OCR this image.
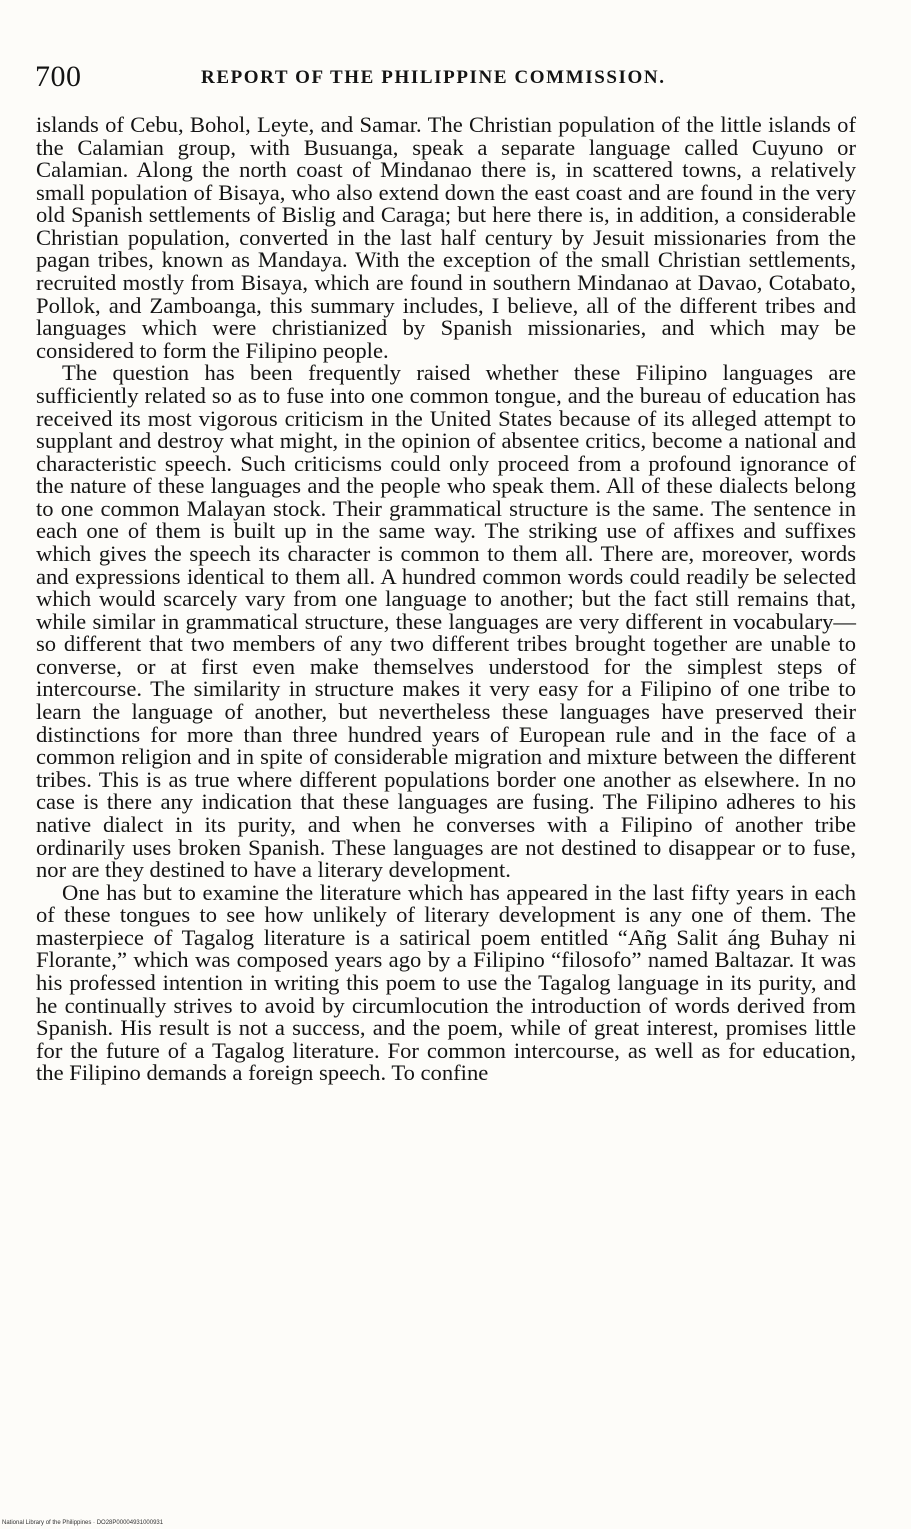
700	REPORT OF THE PHILIPPINE COMMISSION.

islands of Cebu, Bohol, Leyte, and Samar. The Christian population of the little islands of the Calamian group, with Busuanga, speak a separate language called Cuyuno or Calamian. Along the north coast of Mindanao there is, in scattered towns, a relatively small population of Bisaya, who also extend down the east coast and are found in the very old Spanish settlements of Bislig and Caraga; but here there is, in addition, a considerable Christian population, converted in the last half century by Jesuit missionaries from the pagan tribes, known as Mandaya. With the exception of the small Christian settlements, recruited mostly from Bisaya, which are found in southern Mindanao at Davao, Cotabato, Pollok, and Zamboanga, this summary includes, I believe, all of the different tribes and languages which were christianized by Spanish missionaries, and which may be considered to form the Filipino people.

The question has been frequently raised whether these Filipino languages are sufficiently related so as to fuse into one common tongue, and the bureau of education has received its most vigorous criticism in the United States because of its alleged attempt to supplant and destroy what might, in the opinion of absentee critics, become a national and characteristic speech. Such criticisms could only proceed from a profound ignorance of the nature of these languages and the people who speak them. All of these dialects belong to one common Malayan stock. Their grammatical structure is the same. The sentence in each one of them is built up in the same way. The striking use of affixes and suffixes which gives the speech its character is common to them all. There are, moreover, words and expressions identical to them all. A hundred common words could readily be selected which would scarcely vary from one language to another; but the fact still remains that, while similar in grammatical structure, these languages are very different in vocabulary—so different that two members of any two different tribes brought together are unable to converse, or at first even make themselves understood for the simplest steps of intercourse. The similarity in structure makes it very easy for a Filipino of one tribe to learn the language of another, but nevertheless these languages have preserved their distinctions for more than three hundred years of European rule and in the face of a common religion and in spite of considerable migration and mixture between the different tribes. This is as true where different populations border one another as elsewhere. In no case is there any indication that these languages are fusing. The Filipino adheres to his native dialect in its purity, and when he converses with a Filipino of another tribe ordinarily uses broken Spanish. These languages are not destined to disappear or to fuse, nor are they destined to have a literary development.

One has but to examine the literature which has appeared in the last fifty years in each of these tongues to see how unlikely of literary development is any one of them. The masterpiece of Tagalog literature is a satirical poem entitled “Añg Salit áng Buhay ni Florante,” which was composed years ago by a Filipino “filosofo” named Baltazar. It was his professed intention in writing this poem to use the Tagalog language in its purity, and he continually strives to avoid by circumlocution the introduction of words derived from Spanish. His result is not a success, and the poem, while of great interest, promises little for the future of a Tagalog literature. For common intercourse, as well as for education, the Filipino demands a foreign speech. To confine

National Library of the Philippines · DO28P00004931000931
